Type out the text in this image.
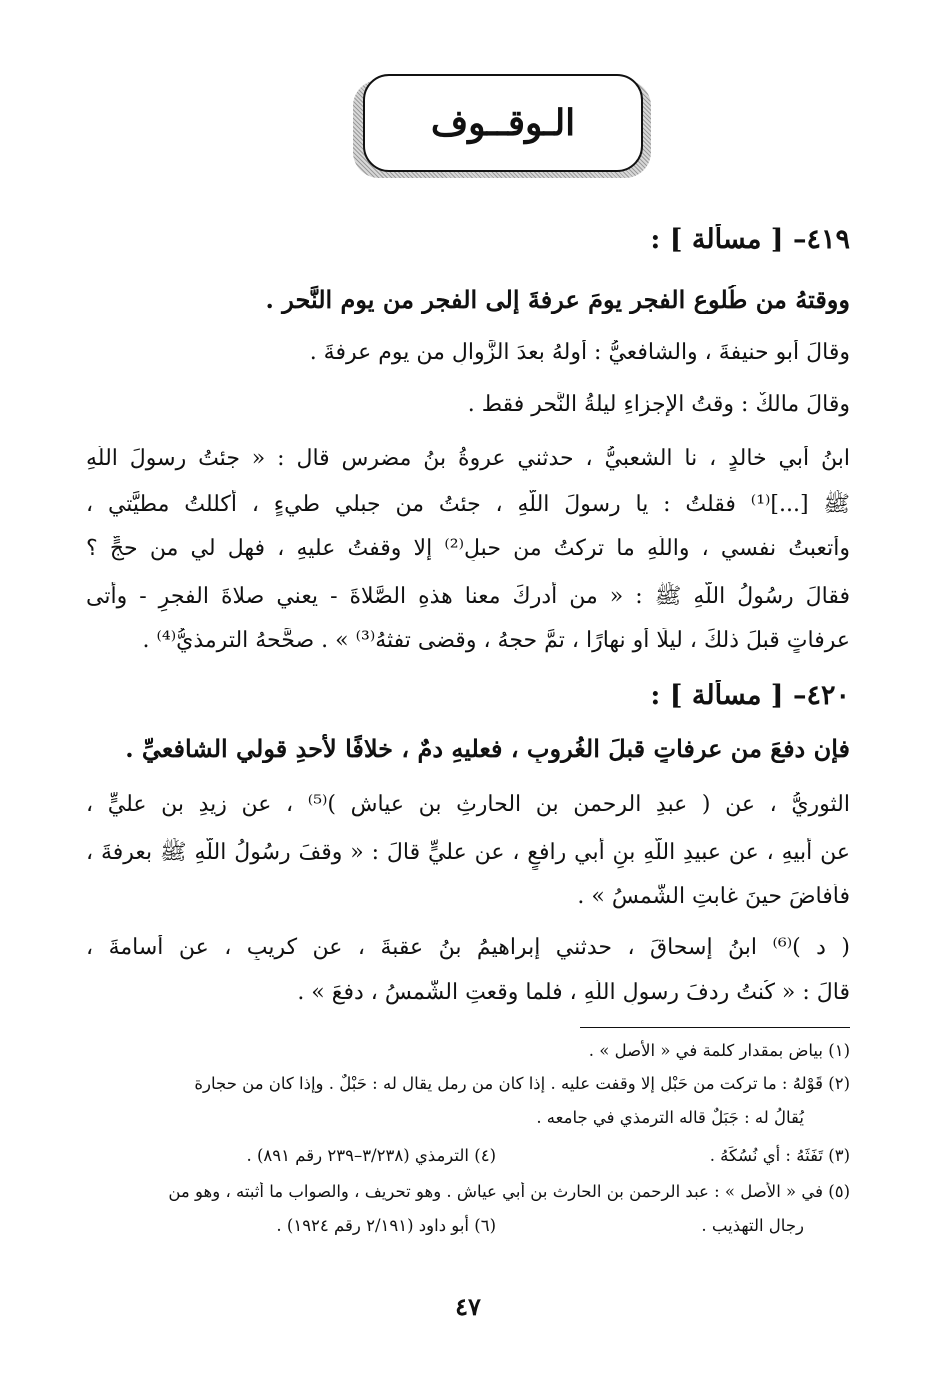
الـوقــوف
٤١٩– [ مسألة ] :
ووقتهُ من طُلوعِ الفجرِ يومَ عرفةَ إلى الفجرِ من يومِ النَّحرِ .
وقالَ أبو حنيفةَ ، والشافعيُّ : أولهُ بعدَ الزَّوالِ من يومِ عرفةَ .
وقالَ مالكٌ : وقتُ الإجزاءِ ليلةُ النَّحرِ فقط .
ابنُ أبي خالدٍ ، نا الشعبيُّ ، حدثني عروةُ بنُ مضرسٍ قال : « جئتُ رسولَ اللَّهِ
ﷺ [...]⁽¹⁾ فقلتُ : يا رسولَ اللَّهِ ، جئتُ من جبلي طيءٍ ، أكللتُ مطيَّتي ،
وأتعبتُ نفسي ، واللَّهِ ما تركتُ من حبلٍ⁽²⁾ إلا وقفتُ عليهِ ، فهل لي من حجٍّ ؟
فقالَ رسُولُ اللَّهِ ﷺ : « من أدركَ معنا هذهِ الصَّلاةَ - يعني صلاةَ الفجرِ - وأتى
عرفاتٍ قبلَ ذلكَ ، ليلًا أو نهارًا ، تمَّ حجهُ ، وقضى تفثهُ⁽³⁾ » . صحَّحهُ الترمذيُّ⁽⁴⁾ .
٤٢٠– [ مسألة ] :
فإن دفعَ من عرفاتٍ قبلَ الغُروبِ ، فعليهِ دمٌ ، خلافًا لأحدِ قولي الشافعيِّ .
الثوريُّ ، عن ( عبدِ الرحمنِ بنِ الحارثِ بنِ عياشٍ )⁽⁵⁾ ، عن زيدِ بنِ عليٍّ ،
عن أبيهِ ، عن عبيدِ اللَّهِ بنِ أبي رافعٍ ، عن عليٍّ قالَ : « وقفَ رسُولُ اللَّهِ ﷺ بعرفةَ ،
فأفاضَ حينَ غابتِ الشَّمسُ » .
( د )⁽⁶⁾ ابنُ إسحاقَ ، حدثني إبراهيمُ بنُ عقبةَ ، عن كريبٍ ، عن أسامةَ ،
قالَ : « كُنتُ رِدفَ رسولِ اللَّهِ ، فلما وقعتِ الشَّمسُ ، دفعَ » .
(١) بياض بمقدار كلمة في « الأصل » .
(٢) قَوْلهُ : ما تركت من حَبْلٍ إلا وقفت عليه . إذا كان من رمل يقال له : حَبْلٌ . وإذا كان من حجارة
يُقالُ له : جَبَلٌ قاله الترمذي في جامعه .
(٣) تَفَثَهُ : أي نُسُكَهُ .
(٤) الترمذي (٣/٢٣٨–٢٣٩ رقم ٨٩١) .
(٥) في « الأصل » : عبد الرحمن بن الحارث بن أبي عياش . وهو تحريف ، والصواب ما أثبته ، وهو من
رجال التهذيب .
(٦) أبو داود (٢/١٩١ رقم ١٩٢٤) .
٤٧
